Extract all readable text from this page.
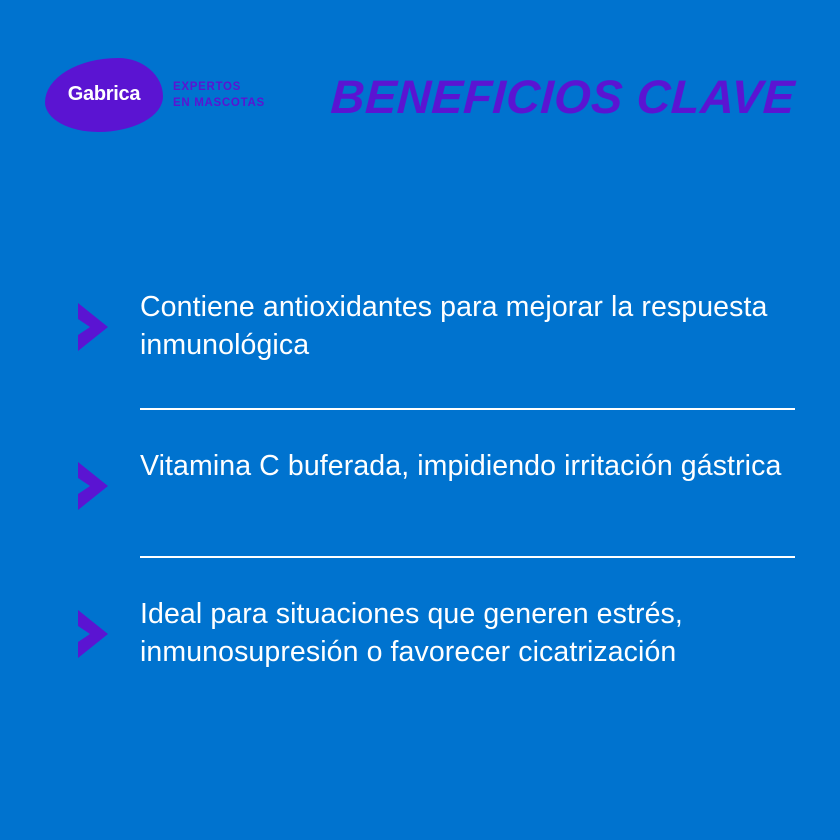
Gabrica	EXPERTOS
EN MASCOTAS	BENEFICIOS CLAVE
Contiene antioxidantes para mejorar la respuesta inmunológica
Vitamina C buferada, impidiendo irritación gástrica
Ideal para situaciones que generen estrés, inmunosupresión o favorecer cicatrización
